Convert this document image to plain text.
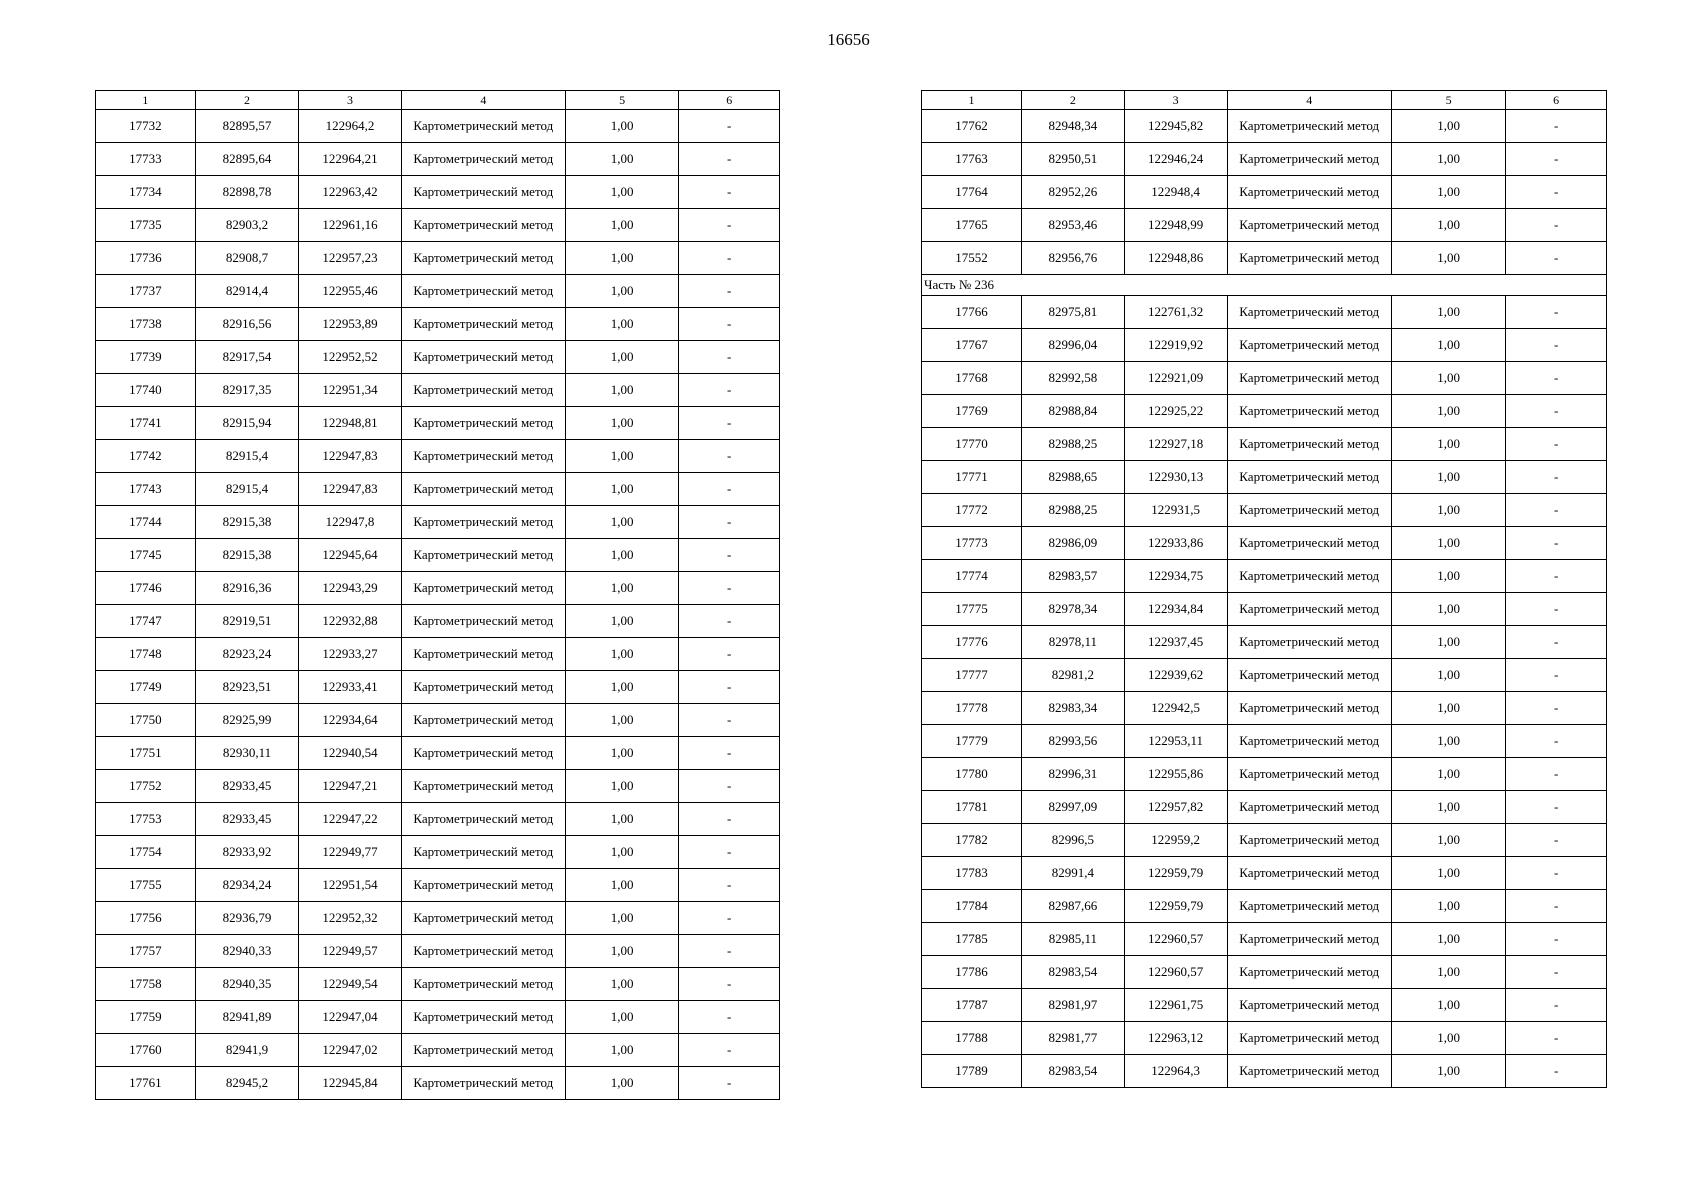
16656
1	2	3	4	5	6
17732	82895,57	122964,2	Картометрический метод	1,00	-
17733	82895,64	122964,21	Картометрический метод	1,00	-
17734	82898,78	122963,42	Картометрический метод	1,00	-
17735	82903,2	122961,16	Картометрический метод	1,00	-
17736	82908,7	122957,23	Картометрический метод	1,00	-
17737	82914,4	122955,46	Картометрический метод	1,00	-
17738	82916,56	122953,89	Картометрический метод	1,00	-
17739	82917,54	122952,52	Картометрический метод	1,00	-
17740	82917,35	122951,34	Картометрический метод	1,00	-
17741	82915,94	122948,81	Картометрический метод	1,00	-
17742	82915,4	122947,83	Картометрический метод	1,00	-
17743	82915,4	122947,83	Картометрический метод	1,00	-
17744	82915,38	122947,8	Картометрический метод	1,00	-
17745	82915,38	122945,64	Картометрический метод	1,00	-
17746	82916,36	122943,29	Картометрический метод	1,00	-
17747	82919,51	122932,88	Картометрический метод	1,00	-
17748	82923,24	122933,27	Картометрический метод	1,00	-
17749	82923,51	122933,41	Картометрический метод	1,00	-
17750	82925,99	122934,64	Картометрический метод	1,00	-
17751	82930,11	122940,54	Картометрический метод	1,00	-
17752	82933,45	122947,21	Картометрический метод	1,00	-
17753	82933,45	122947,22	Картометрический метод	1,00	-
17754	82933,92	122949,77	Картометрический метод	1,00	-
17755	82934,24	122951,54	Картометрический метод	1,00	-
17756	82936,79	122952,32	Картометрический метод	1,00	-
17757	82940,33	122949,57	Картометрический метод	1,00	-
17758	82940,35	122949,54	Картометрический метод	1,00	-
17759	82941,89	122947,04	Картометрический метод	1,00	-
17760	82941,9	122947,02	Картометрический метод	1,00	-
17761	82945,2	122945,84	Картометрический метод	1,00	-
1	2	3	4	5	6
17762	82948,34	122945,82	Картометрический метод	1,00	-
17763	82950,51	122946,24	Картометрический метод	1,00	-
17764	82952,26	122948,4	Картометрический метод	1,00	-
17765	82953,46	122948,99	Картометрический метод	1,00	-
17552	82956,76	122948,86	Картометрический метод	1,00	-
Часть № 236					
17766	82975,81	122761,32	Картометрический метод	1,00	-
17767	82996,04	122919,92	Картометрический метод	1,00	-
17768	82992,58	122921,09	Картометрический метод	1,00	-
17769	82988,84	122925,22	Картометрический метод	1,00	-
17770	82988,25	122927,18	Картометрический метод	1,00	-
17771	82988,65	122930,13	Картометрический метод	1,00	-
17772	82988,25	122931,5	Картометрический метод	1,00	-
17773	82986,09	122933,86	Картометрический метод	1,00	-
17774	82983,57	122934,75	Картометрический метод	1,00	-
17775	82978,34	122934,84	Картометрический метод	1,00	-
17776	82978,11	122937,45	Картометрический метод	1,00	-
17777	82981,2	122939,62	Картометрический метод	1,00	-
17778	82983,34	122942,5	Картометрический метод	1,00	-
17779	82993,56	122953,11	Картометрический метод	1,00	-
17780	82996,31	122955,86	Картометрический метод	1,00	-
17781	82997,09	122957,82	Картометрический метод	1,00	-
17782	82996,5	122959,2	Картометрический метод	1,00	-
17783	82991,4	122959,79	Картометрический метод	1,00	-
17784	82987,66	122959,79	Картометрический метод	1,00	-
17785	82985,11	122960,57	Картометрический метод	1,00	-
17786	82983,54	122960,57	Картометрический метод	1,00	-
17787	82981,97	122961,75	Картометрический метод	1,00	-
17788	82981,77	122963,12	Картометрический метод	1,00	-
17789	82983,54	122964,3	Картометрический метод	1,00	-
